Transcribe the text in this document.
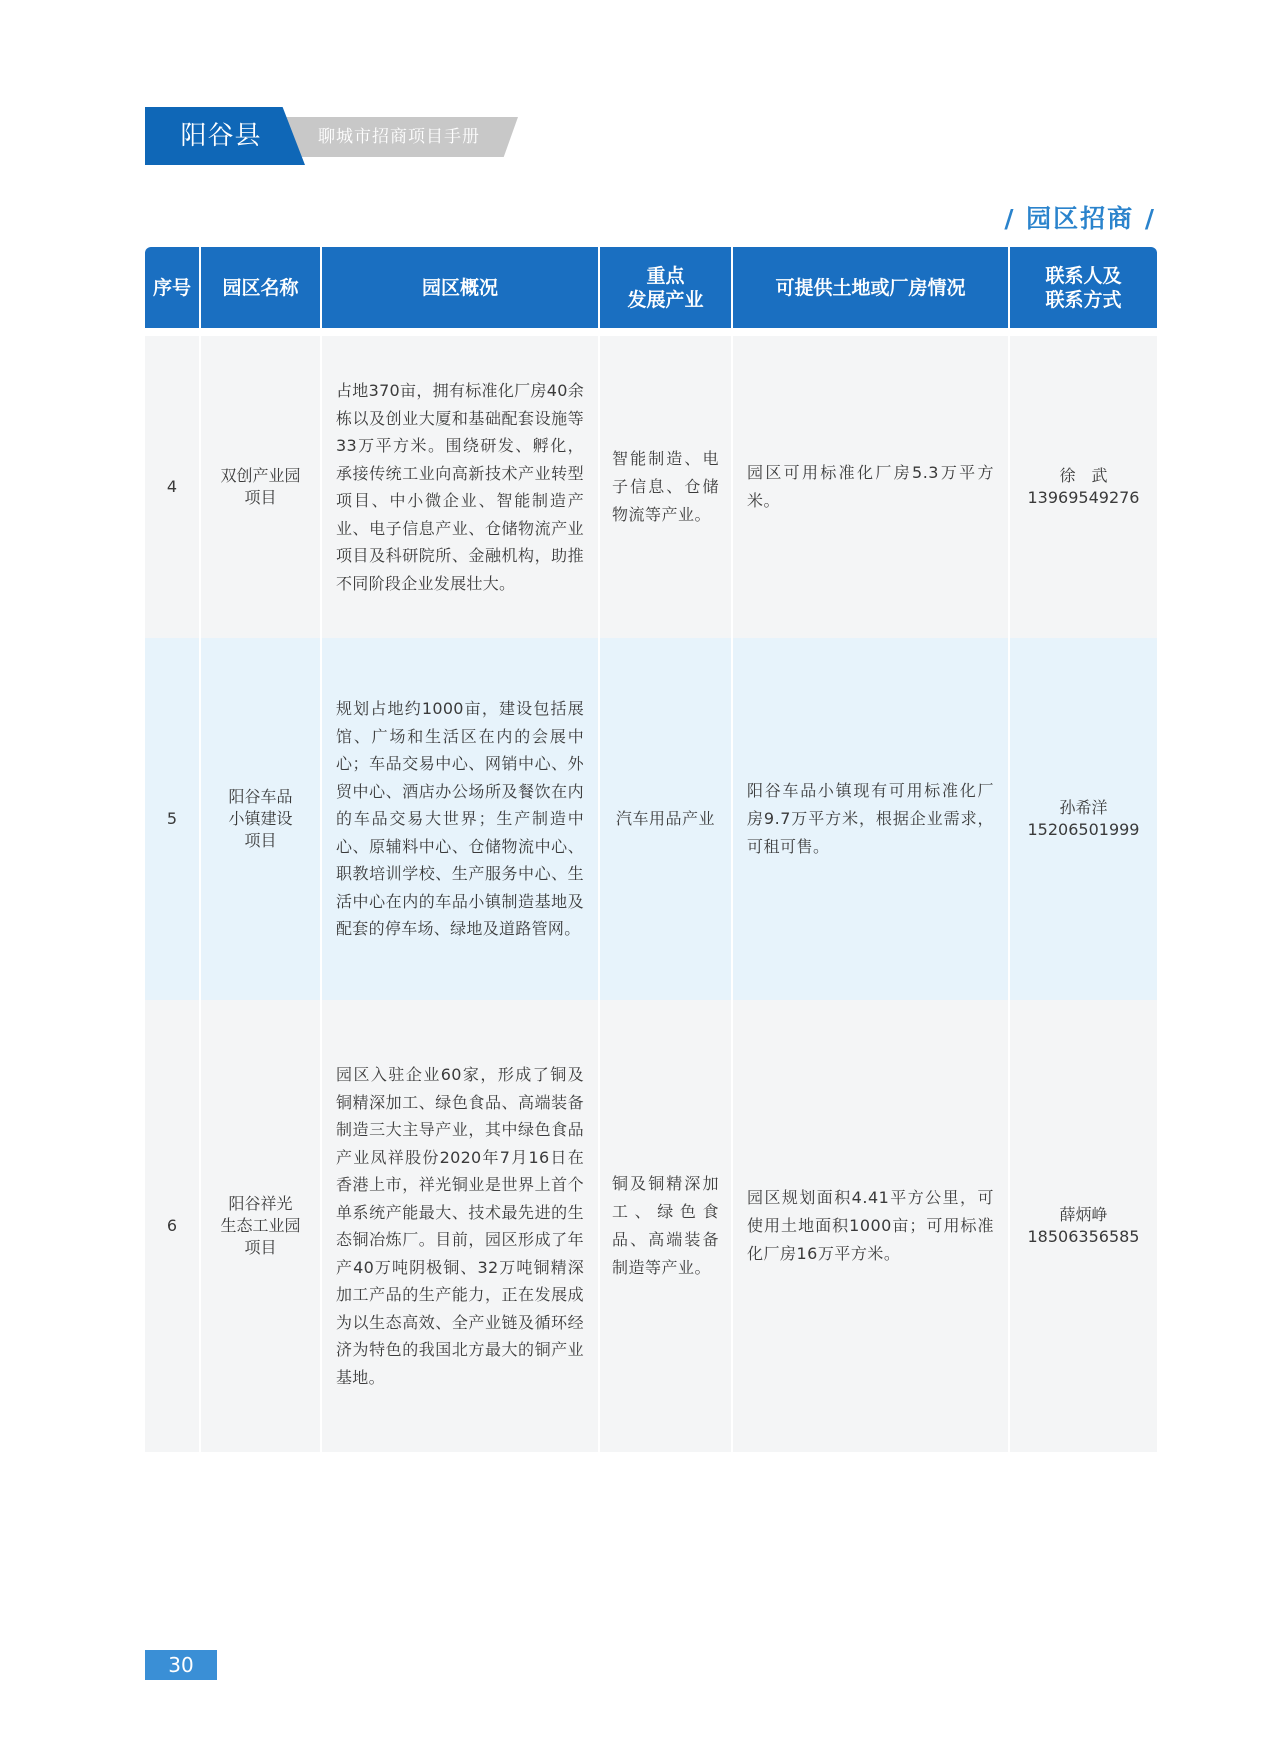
聊城市招商项目手册
阳谷县
/ 园区招商 /
序号 园区名称	园区概况
重点
发展产业
可提供土地或厂房情况
联系人及
联系方式
4
双创产业园
项目
占地370亩，拥有标准化厂房40余栋以及创业大厦和基础配套设施等33万平方米。围绕研发、孵化，承接传统工业向高新技术产业转型项目、中小微企业、智能制造产业、电子信息产业、仓储物流产业项目及科研院所、金融机构，助推不同阶段企业发展壮大。
智能制造、电子信息、仓储物流等产业。
园区可用标准化厂房5.3万平方米。
徐　武
13969549276
5
阳谷车品
小镇建设
项目
规划占地约1000亩，建设包括展馆、广场和生活区在内的会展中心；车品交易中心、网销中心、外贸中心、酒店办公场所及餐饮在内的车品交易大世界；生产制造中心、原辅料中心、仓储物流中心、职教培训学校、生产服务中心、生活中心在内的车品小镇制造基地及配套的停车场、绿地及道路管网。
汽车用品产业
阳谷车品小镇现有可用标准化厂房9.7万平方米，根据企业需求，可租可售。
孙希洋
15206501999
6
阳谷祥光
生态工业园
项目
园区入驻企业60家，形成了铜及铜精深加工、绿色食品、高端装备制造三大主导产业，其中绿色食品产业凤祥股份2020年7月16日在香港上市，祥光铜业是世界上首个单系统产能最大、技术最先进的生态铜冶炼厂。目前，园区形成了年产40万吨阴极铜、32万吨铜精深加工产品的生产能力，正在发展成为以生态高效、全产业链及循环经济为特色的我国北方最大的铜产业基地。
铜及铜精深加工、绿色食品、高端装备制造等产业。
园区规划面积4.41平方公里，可使用土地面积1000亩；可用标准化厂房16万平方米。
薛炳峥
18506356585
30
